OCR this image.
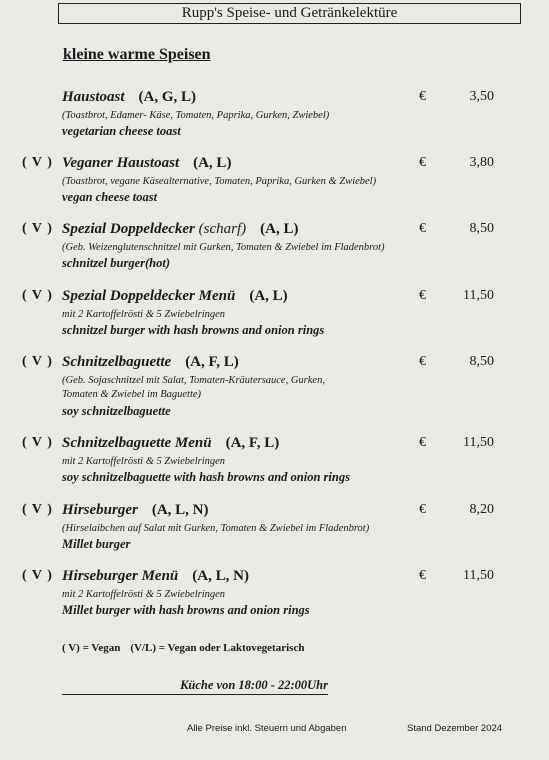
Rupp's Speise- und Getränkelektüre
kleine warme Speisen
Haustoast (A, G, L)	€	3,50
(Toastbrot, Edamer- Käse, Tomaten, Paprika, Gurken, Zwiebel)
vegetarian cheese toast
( V ) Veganer Haustoast (A, L)	€	3,80
(Toastbrot, vegane Käsealternative, Tomaten, Paprika, Gurken & Zwiebel)
vegan cheese toast
( V ) Spezial Doppeldecker (scharf) (A, L)	€	8,50
(Geb. Weizenglutenschnitzel mit Gurken, Tomaten & Zwiebel im Fladenbrot)
schnitzel burger(hot)
( V ) Spezial Doppeldecker Menü (A, L)	€	11,50
mit 2 Kartoffelrösti & 5 Zwiebelringen
schnitzel burger with hash browns and onion rings
( V ) Schnitzelbaguette (A, F, L)	€	8,50
(Geb. Sojaschnitzel mit Salat, Tomaten-Kräutersauce, Gurken, Tomaten & Zwiebel im Baguette)
soy schnitzelbaguette
( V ) Schnitzelbaguette Menü (A, F, L)	€	11,50
mit 2 Kartoffelrösti & 5 Zwiebelringen
soy schnitzelbaguette with hash browns and onion rings
( V ) Hirseburger (A, L, N)	€	8,20
(Hirselaibchen auf Salat mit Gurken, Tomaten & Zwiebel im Fladenbrot)
Millet burger
( V ) Hirseburger Menü (A, L, N)	€	11,50
mit 2 Kartoffelrösti & 5 Zwiebelringen
Millet burger with hash browns and onion rings
( V) = Vegan (V/L) = Vegan oder Laktovegetarisch
Küche von 18:00 - 22:00Uhr
Alle Preise inkl. Steuern und Abgaben	Stand Dezember 2024
